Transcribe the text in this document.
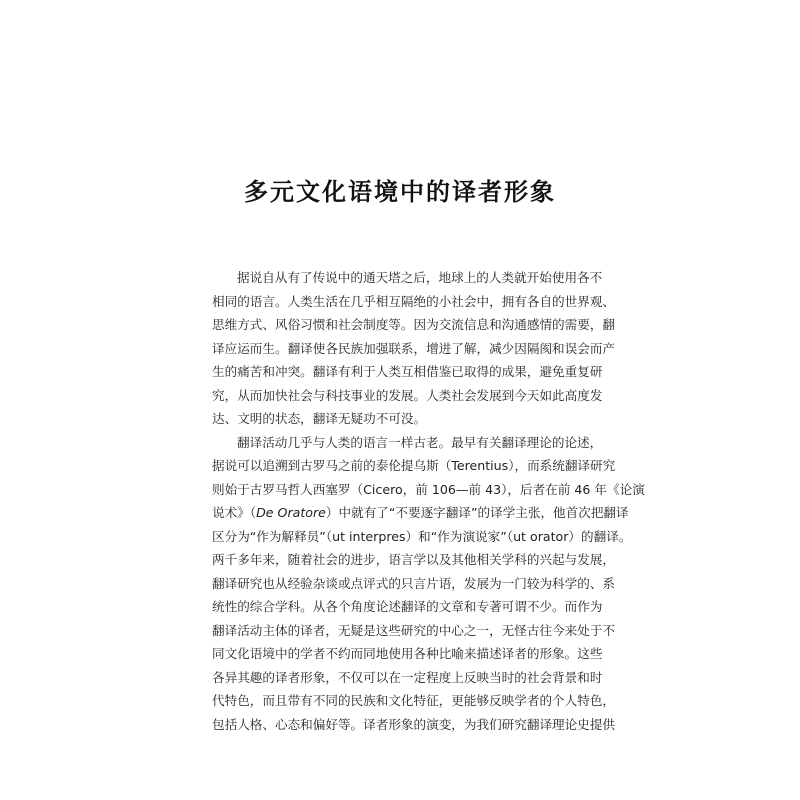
多元文化语境中的译者形象
据说自从有了传说中的通天塔之后，地球上的人类就开始使用各不
相同的语言。人类生活在几乎相互隔绝的小社会中，拥有各自的世界观、
思维方式、风俗习惯和社会制度等。因为交流信息和沟通感情的需要，翻
译应运而生。翻译使各民族加强联系，增进了解，减少因隔阂和误会而产
生的痛苦和冲突。翻译有利于人类互相借鉴已取得的成果，避免重复研
究，从而加快社会与科技事业的发展。人类社会发展到今天如此高度发
达、文明的状态，翻译无疑功不可没。
翻译活动几乎与人类的语言一样古老。最早有关翻译理论的论述，
据说可以追溯到古罗马之前的泰伦提乌斯（Terentius），而系统翻译研究
则始于古罗马哲人西塞罗（Cicero，前 106—前 43），后者在前 46 年《论演
说术》（De Oratore）中就有了“不要逐字翻译”的译学主张，他首次把翻译
区分为“作为解释员”（ut interpres）和“作为演说家”（ut orator）的翻译。
两千多年来，随着社会的进步，语言学以及其他相关学科的兴起与发展，
翻译研究也从经验杂谈或点评式的只言片语，发展为一门较为科学的、系
统性的综合学科。从各个角度论述翻译的文章和专著可谓不少。而作为
翻译活动主体的译者，无疑是这些研究的中心之一，无怪古往今来处于不
同文化语境中的学者不约而同地使用各种比喻来描述译者的形象。这些
各异其趣的译者形象，不仅可以在一定程度上反映当时的社会背景和时
代特色，而且带有不同的民族和文化特征，更能够反映学者的个人特色，
包括人格、心态和偏好等。译者形象的演变，为我们研究翻译理论史提供
